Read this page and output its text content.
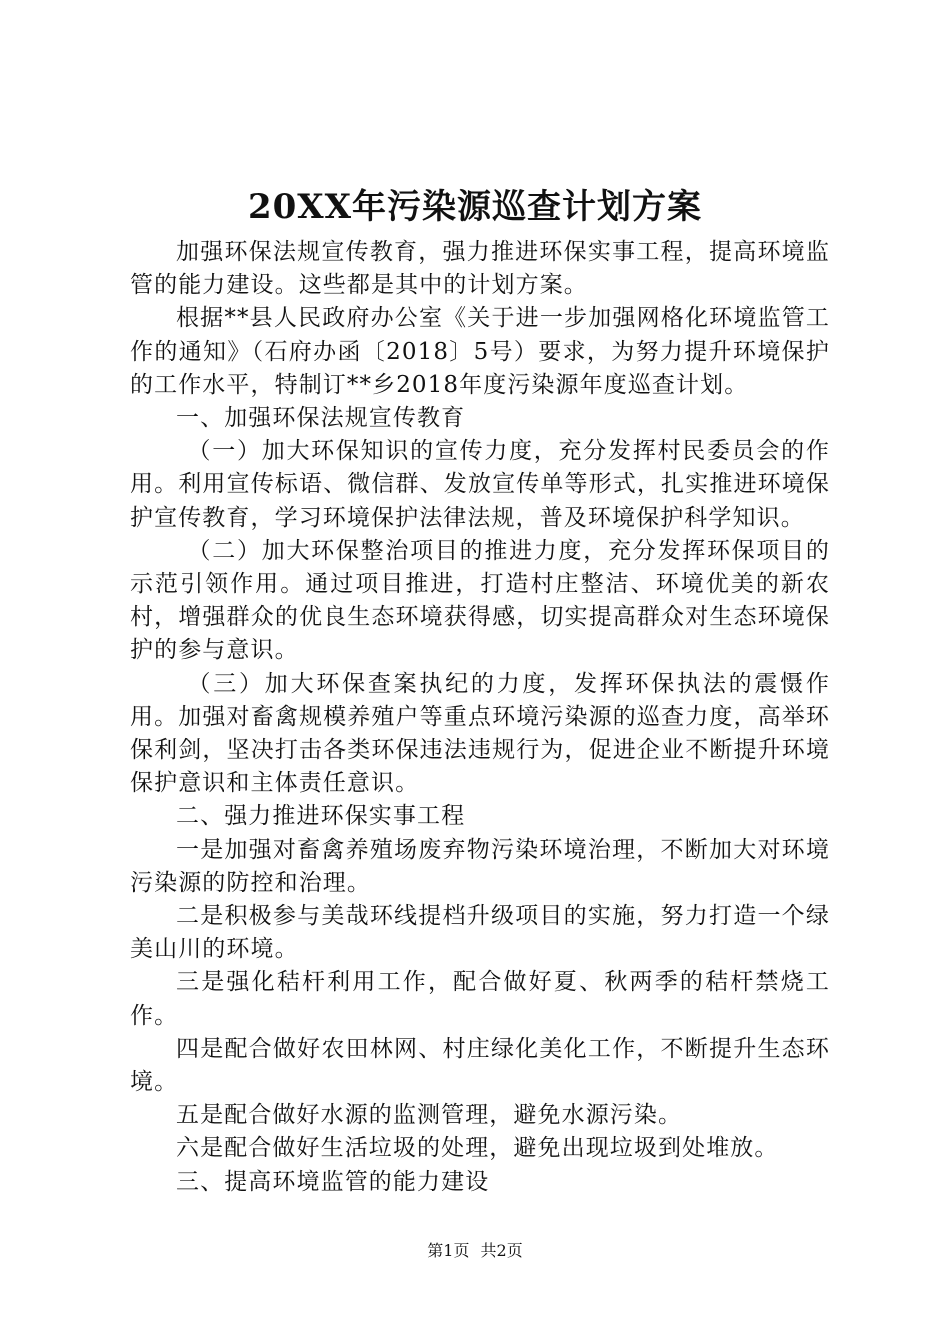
20XX年污染源巡查计划方案

加强环保法规宣传教育，强力推进环保实事工程，提高环境监管的能力建设。这些都是其中的计划方案。

根据**县人民政府办公室《关于进一步加强网格化环境监管工作的通知》（石府办函〔2018〕5号）要求，为努力提升环境保护的工作水平，特制订**乡2018年度污染源年度巡查计划。

一、加强环保法规宣传教育

（一）加大环保知识的宣传力度，充分发挥村民委员会的作用。利用宣传标语、微信群、发放宣传单等形式，扎实推进环境保护宣传教育，学习环境保护法律法规，普及环境保护科学知识。

（二）加大环保整治项目的推进力度，充分发挥环保项目的示范引领作用。通过项目推进，打造村庄整洁、环境优美的新农村，增强群众的优良生态环境获得感，切实提高群众对生态环境保护的参与意识。

（三）加大环保查案执纪的力度，发挥环保执法的震慑作用。加强对畜禽规模养殖户等重点环境污染源的巡查力度，高举环保利剑，坚决打击各类环保违法违规行为，促进企业不断提升环境保护意识和主体责任意识。

二、强力推进环保实事工程

一是加强对畜禽养殖场废弃物污染环境治理，不断加大对环境污染源的防控和治理。

二是积极参与美哉环线提档升级项目的实施，努力打造一个绿美山川的环境。

三是强化秸杆利用工作，配合做好夏、秋两季的秸杆禁烧工作。

四是配合做好农田林网、村庄绿化美化工作，不断提升生态环境。

五是配合做好水源的监测管理，避免水源污染。

六是配合做好生活垃圾的处理，避免出现垃圾到处堆放。

三、提高环境监管的能力建设

第1页 共2页
